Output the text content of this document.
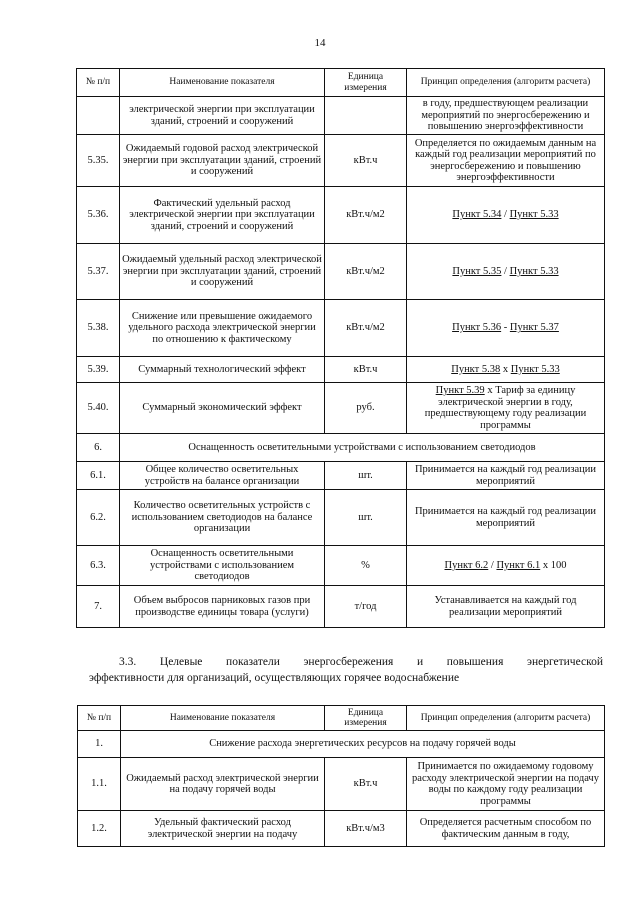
14
№ п/п	Наименование показателя	Единица измерения	Принцип определения (алгоритм расчета)
	электрической энергии при эксплуатации зданий, строений и сооружений		в году, предшествующем реализации мероприятий по энергосбережению и повышению энергоэффективности
5.35.	Ожидаемый годовой расход электрической энергии при эксплуатации зданий, строений и сооружений	кВт.ч	Определяется по ожидаемым данным на каждый год реализации мероприятий по энергосбережению и повышению энергоэффективности
5.36.	Фактический удельный расход электрической энергии при эксплуатации зданий, строений и сооружений	кВт.ч/м2	Пункт 5.34 / Пункт 5.33
5.37.	Ожидаемый удельный расход электрической энергии при эксплуатации зданий, строений и сооружений	кВт.ч/м2	Пункт 5.35 / Пункт 5.33
5.38.	Снижение или превышение ожидаемого удельного расхода электрической энергии по отношению к фактическому	кВт.ч/м2	Пункт 5.36 - Пункт 5.37
5.39.	Суммарный технологический эффект	кВт.ч	Пункт 5.38 x Пункт 5.33
5.40.	Суммарный экономический эффект	руб.	Пункт 5.39 x Тариф за единицу электрической энергии в году, предшествующему году реализации программы
6.	Оснащенность осветительными устройствами с использованием светодиодов		
6.1.	Общее количество осветительных устройств на балансе организации	шт.	Принимается на каждый год реализации мероприятий
6.2.	Количество осветительных устройств с использованием светодиодов на балансе организации	шт.	Принимается на каждый год реализации мероприятий
6.3.	Оснащенность осветительными устройствами с использованием светодиодов	%	Пункт 6.2 / Пункт 6.1 x 100
7.	Объем выбросов парниковых газов при производстве единицы товара (услуги)	т/год	Устанавливается на каждый год реализации мероприятий
3.3. Целевые показатели энергосбережения и повышения энергетической
эффективности для организаций, осуществляющих горячее водоснабжение
№ п/п	Наименование показателя	Единица измерения	Принцип определения (алгоритм расчета)
1.	Снижение расхода энергетических ресурсов на подачу горячей воды		
1.1.	Ожидаемый расход электрической энергии на подачу горячей воды	кВт.ч	Принимается по ожидаемому годовому расходу электрической энергии на подачу воды по каждому году реализации программы
1.2.	Удельный фактический расход электрической энергии на подачу	кВт.ч/м3	Определяется расчетным способом по фактическим данным в году,
